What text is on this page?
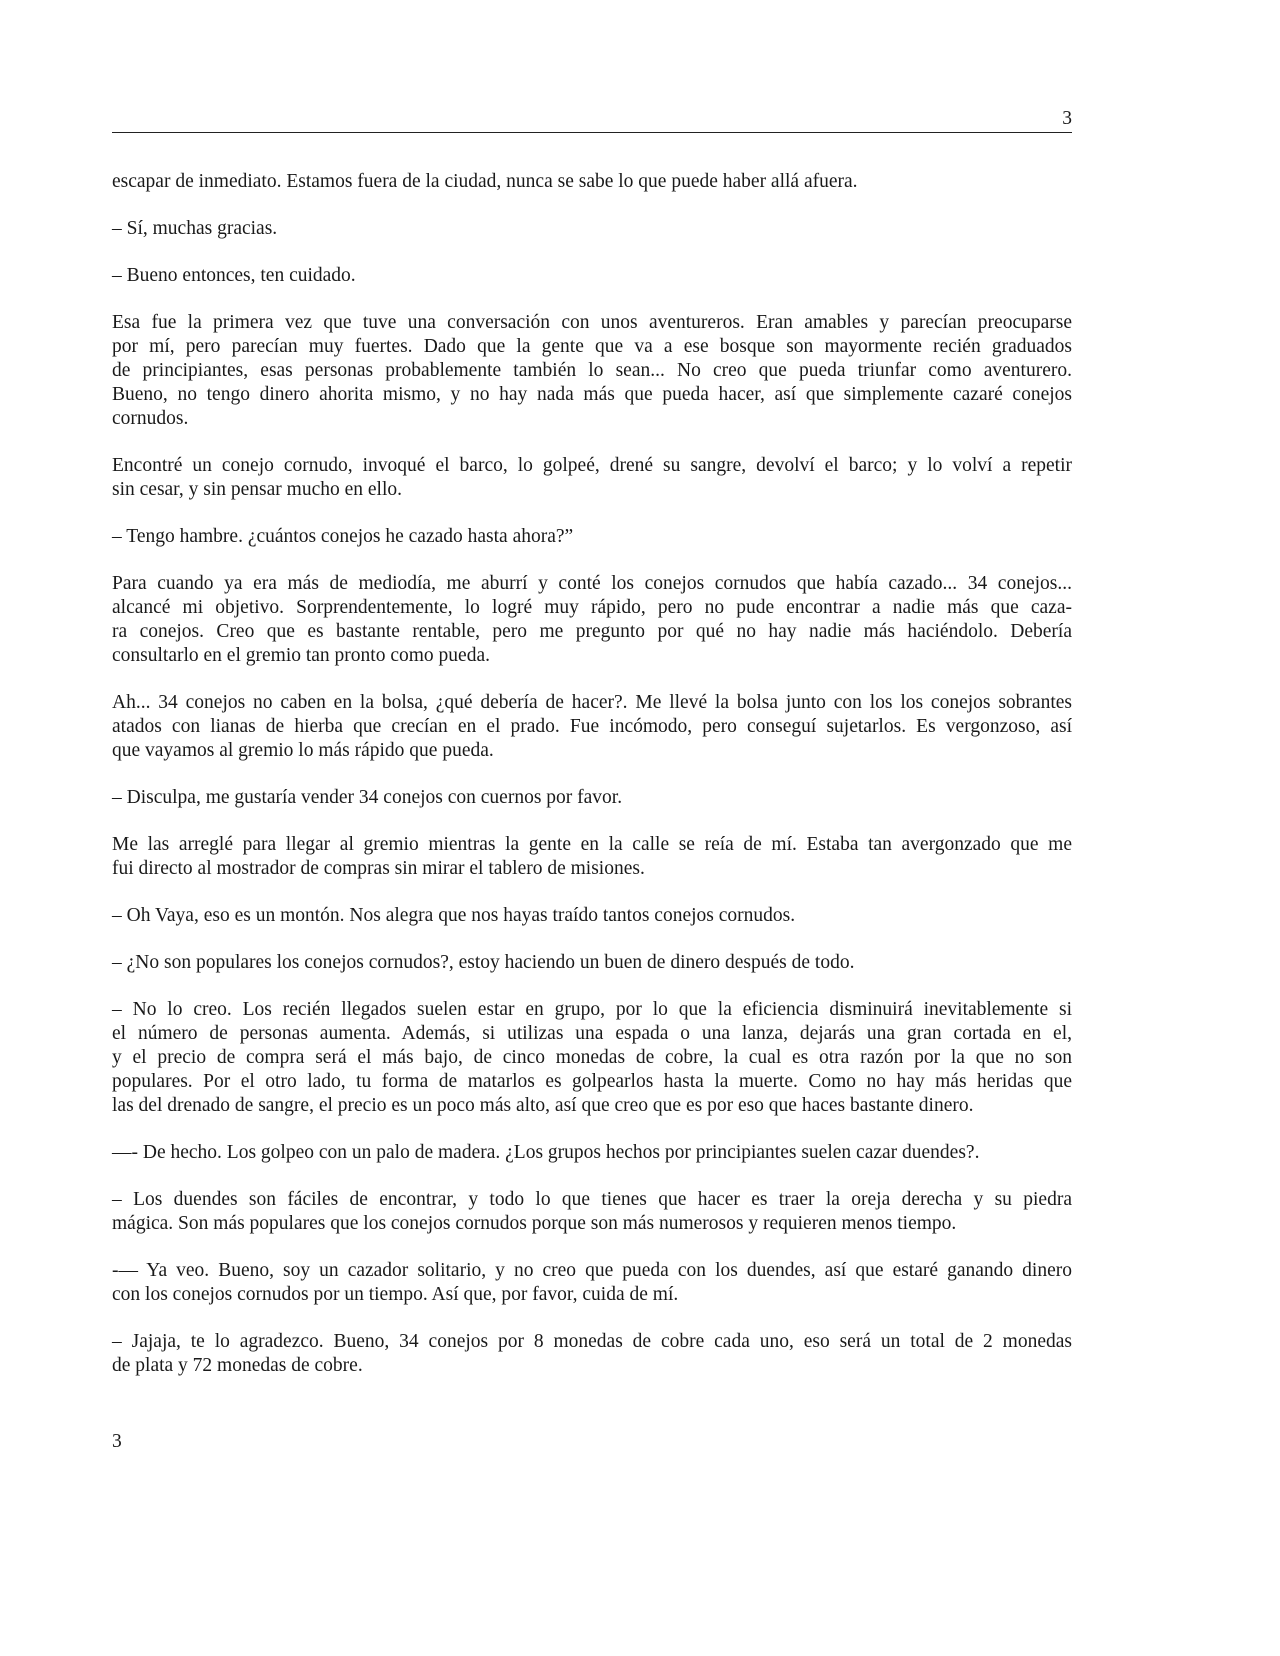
3
escapar de inmediato. Estamos fuera de la ciudad, nunca se sabe lo que puede haber allá afuera.
– Sí, muchas gracias.
– Bueno entonces, ten cuidado.
Esa fue la primera vez que tuve una conversación con unos aventureros. Eran amables y parecían preocuparse
por mí, pero parecían muy fuertes. Dado que la gente que va a ese bosque son mayormente recién graduados
de principiantes, esas personas probablemente también lo sean... No creo que pueda triunfar como aventurero.
Bueno, no tengo dinero ahorita mismo, y no hay nada más que pueda hacer, así que simplemente cazaré conejos
cornudos.
Encontré un conejo cornudo, invoqué el barco, lo golpeé, drené su sangre, devolví el barco; y lo volví a repetir
sin cesar, y sin pensar mucho en ello.
– Tengo hambre. ¿cuántos conejos he cazado hasta ahora?”
Para cuando ya era más de mediodía, me aburrí y conté los conejos cornudos que había cazado... 34 conejos...
alcancé mi objetivo. Sorprendentemente, lo logré muy rápido, pero no pude encontrar a nadie más que caza-
ra conejos. Creo que es bastante rentable, pero me pregunto por qué no hay nadie más haciéndolo. Debería
consultarlo en el gremio tan pronto como pueda.
Ah... 34 conejos no caben en la bolsa, ¿qué debería de hacer?. Me llevé la bolsa junto con los los conejos sobrantes
atados con lianas de hierba que crecían en el prado. Fue incómodo, pero conseguí sujetarlos. Es vergonzoso, así
que vayamos al gremio lo más rápido que pueda.
– Disculpa, me gustaría vender 34 conejos con cuernos por favor.
Me las arreglé para llegar al gremio mientras la gente en la calle se reía de mí. Estaba tan avergonzado que me
fui directo al mostrador de compras sin mirar el tablero de misiones.
– Oh Vaya, eso es un montón. Nos alegra que nos hayas traído tantos conejos cornudos.
– ¿No son populares los conejos cornudos?, estoy haciendo un buen de dinero después de todo.
– No lo creo. Los recién llegados suelen estar en grupo, por lo que la eficiencia disminuirá inevitablemente si
el número de personas aumenta. Además, si utilizas una espada o una lanza, dejarás una gran cortada en el,
y el precio de compra será el más bajo, de cinco monedas de cobre, la cual es otra razón por la que no son
populares. Por el otro lado, tu forma de matarlos es golpearlos hasta la muerte. Como no hay más heridas que
las del drenado de sangre, el precio es un poco más alto, así que creo que es por eso que haces bastante dinero.
—- De hecho. Los golpeo con un palo de madera. ¿Los grupos hechos por principiantes suelen cazar duendes?.
– Los duendes son fáciles de encontrar, y todo lo que tienes que hacer es traer la oreja derecha y su piedra
mágica. Son más populares que los conejos cornudos porque son más numerosos y requieren menos tiempo.
-— Ya veo. Bueno, soy un cazador solitario, y no creo que pueda con los duendes, así que estaré ganando dinero
con los conejos cornudos por un tiempo. Así que, por favor, cuida de mí.
– Jajaja, te lo agradezco. Bueno, 34 conejos por 8 monedas de cobre cada uno, eso será un total de 2 monedas
de plata y 72 monedas de cobre.
3
